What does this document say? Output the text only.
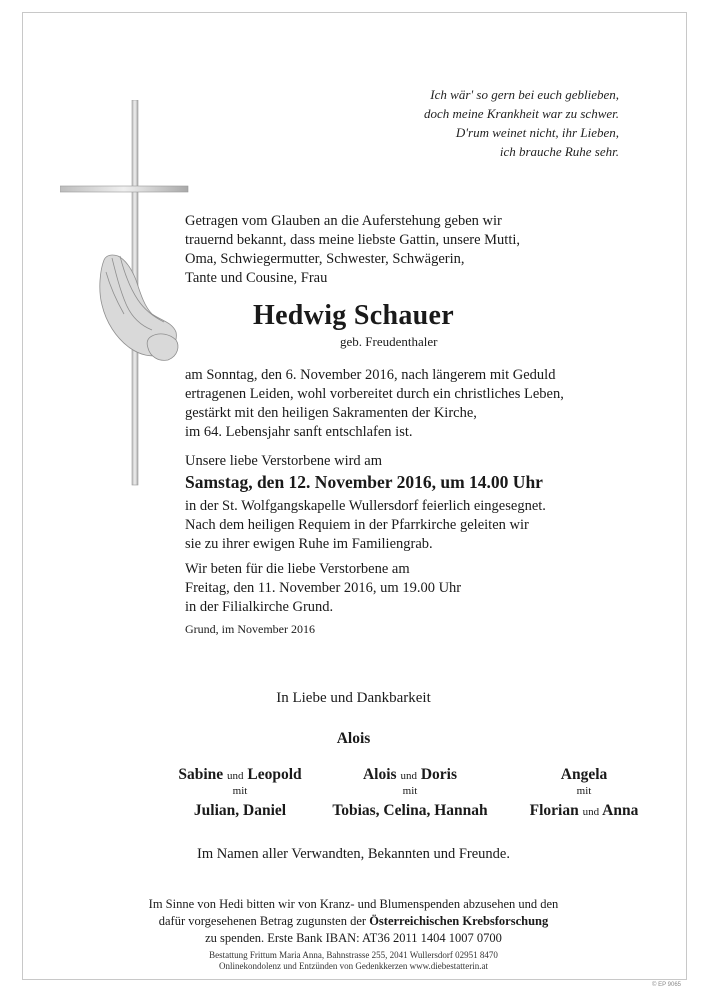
Ich wär' so gern bei euch geblieben,
doch meine Krankheit war zu schwer.
D'rum weinet nicht, ihr Lieben,
ich brauche Ruhe sehr.
Getragen vom Glauben an die Auferstehung geben wir
trauernd bekannt, dass meine liebste Gattin, unsere Mutti,
Oma, Schwiegermutter, Schwester, Schwägerin,
Tante und Cousine, Frau
Hedwig Schauer
geb. Freudenthaler
am Sonntag, den 6. November 2016, nach längerem mit Geduld
ertragenen Leiden, wohl vorbereitet durch ein christliches Leben,
gestärkt mit den heiligen Sakramenten der Kirche,
im 64. Lebensjahr sanft entschlafen ist.
Unsere liebe Verstorbene wird am
Samstag, den 12. November 2016, um 14.00 Uhr
in der St. Wolfgangskapelle Wullersdorf feierlich eingesegnet.
Nach dem heiligen Requiem in der Pfarrkirche geleiten wir
sie zu ihrer ewigen Ruhe im Familiengrab.
Wir beten für die liebe Verstorbene am
Freitag, den 11. November 2016, um 19.00 Uhr
in der Filialkirche Grund.
Grund, im November 2016
In Liebe und Dankbarkeit
Alois
Sabine und Leopold
mit
Julian, Daniel
Alois und Doris
mit
Tobias, Celina, Hannah
Angela
mit
Florian und Anna
Im Namen aller Verwandten, Bekannten und Freunde.
Im Sinne von Hedi bitten wir von Kranz- und Blumenspenden abzusehen und den
dafür vorgesehenen Betrag zugunsten der Österreichischen Krebsforschung
zu spenden. Erste Bank IBAN: AT36 2011 1404 1007 0700
Bestattung Frittum Maria Anna, Bahnstrasse 255, 2041 Wullersdorf 02951 8470
Onlinekondolenz und Entzünden von Gedenkkerzen www.diebestatterin.at
© EP 9065
